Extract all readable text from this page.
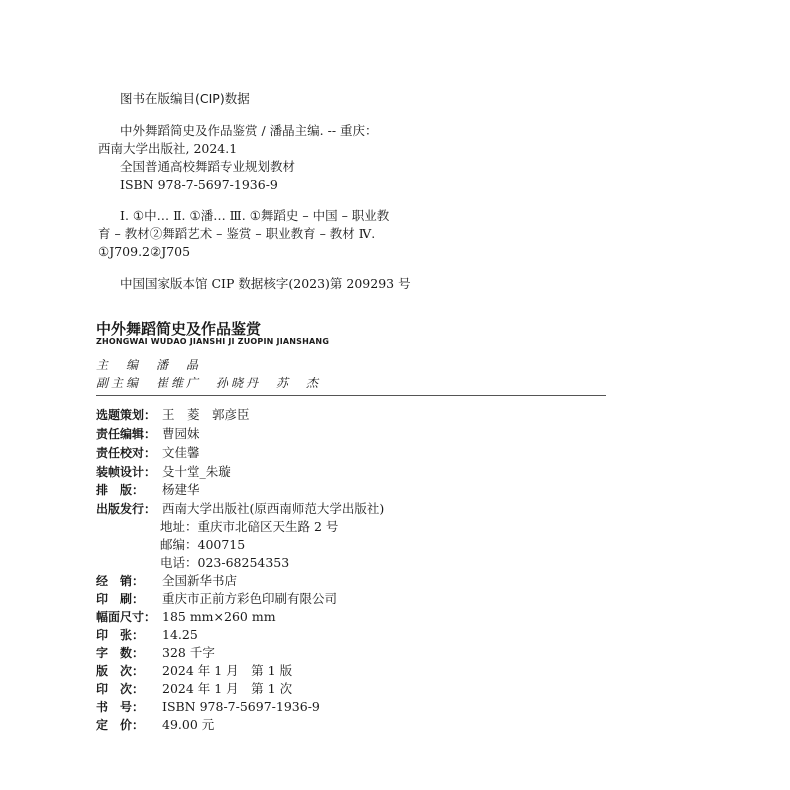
图书在版编目(CIP)数据
中外舞蹈简史及作品鉴赏 / 潘晶主编. -- 重庆：
西南大学出版社, 2024.1
全国普通高校舞蹈专业规划教材
ISBN 978-7-5697-1936-9
Ⅰ. ①中… Ⅱ. ①潘… Ⅲ. ①舞蹈史 – 中国 – 职业教
育 – 教材②舞蹈艺术 – 鉴赏 – 职业教育 – 教材 Ⅳ.
①J709.2②J705
中国国家版本馆 CIP 数据核字(2023)第 209293 号
中外舞蹈简史及作品鉴赏
ZHONGWAI WUDAO JIANSHI JI ZUOPIN JIANSHANG
主　编　潘　晶
副主编　崔维广　孙晓丹　苏　杰
选题策划： 王　菱　郭彦臣
责任编辑： 曹园妹
责任校对： 文佳馨
装帧设计： 殳十堂_朱璇
排　版：	杨建华
出版发行： 西南大学出版社(原西南师范大学出版社)
地址：重庆市北碚区天生路 2 号
邮编：400715
电话：023-68254353
经　销：	全国新华书店
印　刷：	重庆市正前方彩色印刷有限公司
幅面尺寸： 185 mm×260 mm
印　张：	14.25
字　数：	328 千字
版　次：	2024 年 1 月　第 1 版
印　次：	2024 年 1 月　第 1 次
书　号：	ISBN 978-7-5697-1936-9
定　价：	49.00 元
